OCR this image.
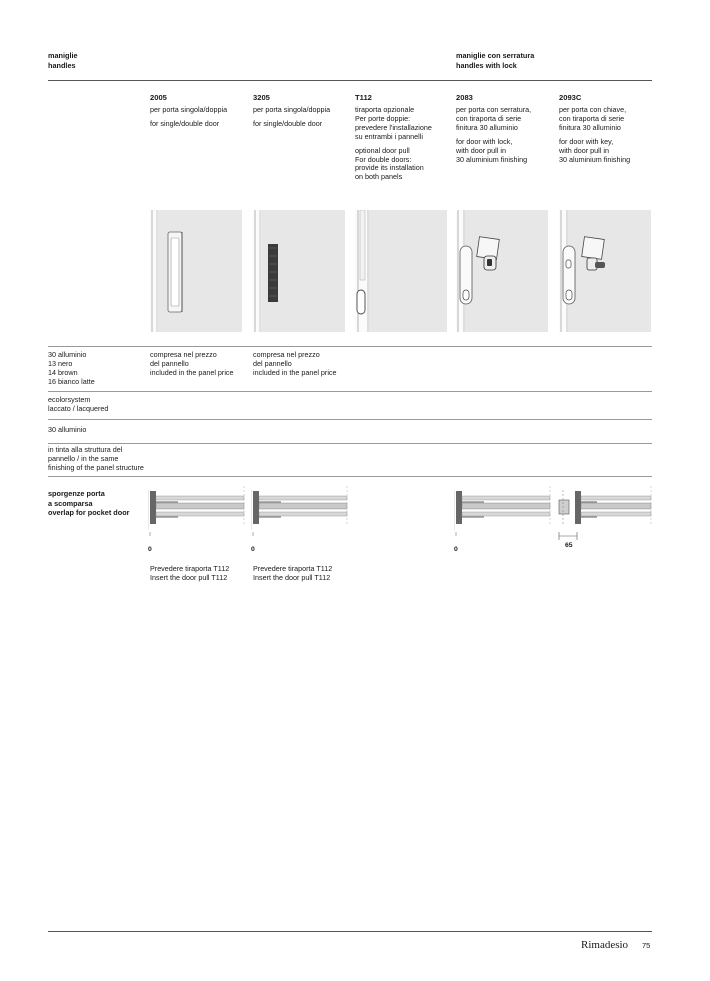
maniglie
handles
maniglie con serratura
handles with lock
2005
per porta singola/doppia
for single/double door
3205
per porta singola/doppia
for single/double door
T112
tiraporta opzionale
Per porte doppie:
prevedere l'installazione
su entrambi i pannelli
optional door pull
For double doors:
provide its installation
on both panels
2083
per porta con serratura,
con tiraporta di serie
finitura 30 alluminio
for door with lock,
with door pull in
30 aluminium finishing
2093C
per porta con chiave,
con tiraporta di serie
finitura 30 alluminio
for door with key,
with door pull in
30 aluminium finishing
30 alluminio
13 nero
14 brown
16 bianco latte
compresa nel prezzo
del pannello
included in the panel price
compresa nel prezzo
del pannello
included in the panel price
ecolorsystem
laccato / lacquered
30 alluminio
in tinta alla struttura del
pannello / in the same
finishing of the panel structure
sporgenze porta
a scomparsa
overlap for pocket door
0	0	0
65
Prevedere tiraporta T112
Insert the door pull T112
Prevedere tiraporta T112
Insert the door pull T112
Rimadesio 75
